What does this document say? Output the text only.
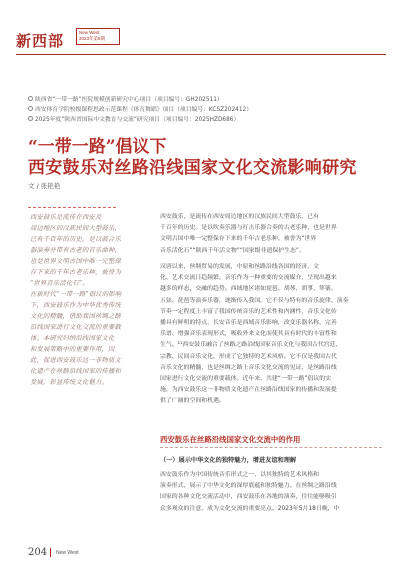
新西部	New West
2023年第6期
陕西省“一带一路”医院规模创新研究中心项目（项目编号：GH202511）
西安体育学院校级课程思政示范课程《体育舞蹈》项目（项目编号：KCSZ202412）
2025年度“陕西省国际中文教育与交流”研究项目（项目编号：2025HZD686）
“一带一路”倡议下
西安鼓乐对丝路沿线国家文化交流影响研究
文 / 张艳艳
西安鼓乐是流传在西安及
周边地区的汉族民间大型鼓乐，
已有千百年的历史。是以鼓合乐
器演奏并带有古老的音乐曲种，
也是世界文明古国中唯一完整保
存下来的千年古老乐种，被誉为
“世界音乐活化石”。
在新时代“一带一路”倡议的影响
下，西安鼓乐作为中华优秀传统
文化的精髓，借助我国丝绸之路
沿线国家进行文化交流的重要载
体。本研究归纳沿线国家文化
和发展策略中的重要作用，因
此，促进西安鼓乐这一非物质文
化遗产在丝路沿线国家的传播和
发展，彰显传统文化魅力。
西安鼓乐，是流传在西安周边地区的汉族民间大型鼓乐，已有
千百年的历史。是以吹奏乐器与打击乐器合奏的古老乐种，也是世界
文明古国中唯一完整保存下来的千年古老乐种。被誉为“世界
音乐活化石”“陕西千年活文物”“国家级非遗保护生态”。
汉唐以来，丝绸贸易的发展，中原和丝路沿线各国的经济、文
化、艺术交流日趋频繁。音乐作为一种重要的交流媒介，呈现出越来
越多的样态，交融的趋势。西域地区诸如琵琶、胡琴、胡箏、筚篥、
五弦、琵琶等演奏乐器，逐渐传入我国。它不仅与特有的音乐旋律、演奏
节奏一定程度上丰富了我国传统音乐的艺术性和内涵性，音乐文化传
播具有鲜明的特点，长安音乐是西域音乐影响，改变乐器名称、完善
乐谱、增强音乐表现形式，吸收外来文化而使其具有时代的丰富性和
生气。¹¹西安鼓乐融合了丝路之路沿线国家音乐文化与我国古代宫廷、
宗教、民间音乐文化，形成了它独特的艺术风格。它不仅是我国古代
音乐文化的精髓，也是丝绸之路上音乐文化交流的见证，是丝路沿线
国家进行文化交流的重要载体。近年来，共建“一带一路”倡议的实
施，为西安鼓乐这一非物质文化遗产在丝路沿线国家的传播和发展提
供了广阔的空间和机遇。
西安鼓乐在丝路沿线国家文化交流中的作用
（一）展示中华文化的独特魅力，增进友谊和理解
西安鼓乐作为中国传统音乐形式之一，以其独特的艺术风格和
演奏形式，展示了中华文化的深厚底蕴和独特魅力。在丝绸之路沿线
国家的各种文化交流活动中，西安鼓乐在各地的演奏，往往能够吸引
众多观众的注意，成为文化交流的重要亮点。2023年5月18日晚，中
204 New West
